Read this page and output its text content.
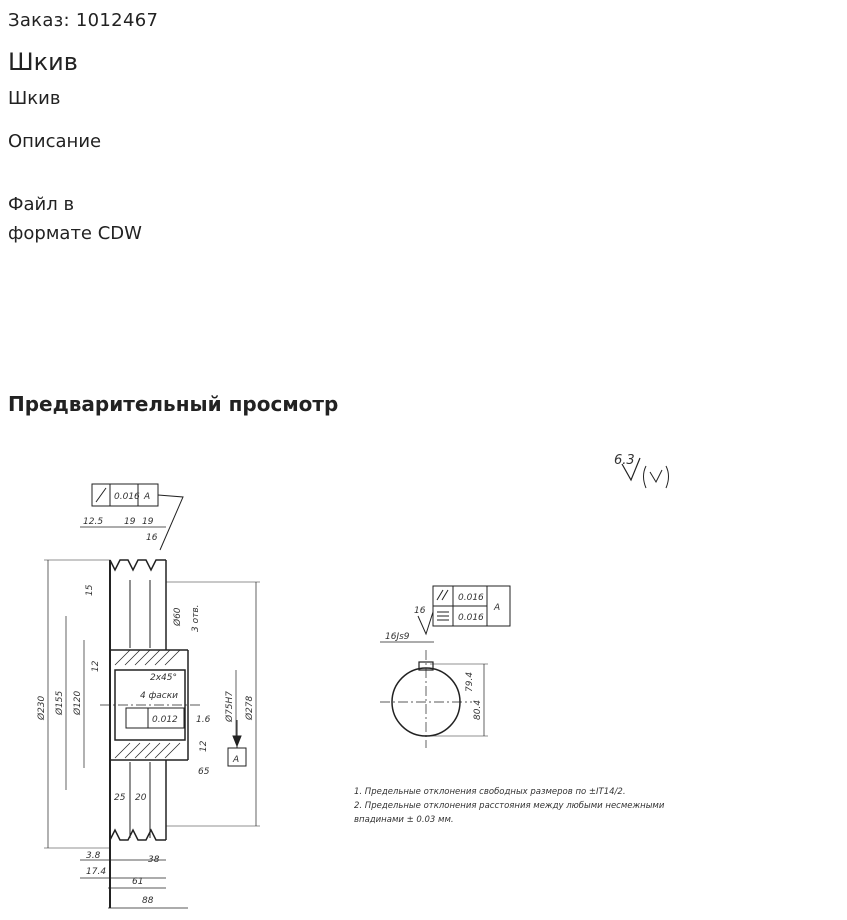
Заказ: 1012467
Шкив
Шкив
Описание
Файл в
формате CDW
Предварительный просмотр
6.3
0.016 A
12.5 19 19
16
15
Ø60 3 отв.
Ø230 Ø155 Ø120
12
2х45°
4 фаски
0.012	Ø75H7 Ø278
1.6
12
65
A
25 20
3.8	38
17.4
61
88
16
16Js9
0.016
0.016
A
79.4
80.4
1. Предельные отклонения свободных размеров по ±IT14/2.
2. Предельные отклонения расстояния между любыми несмежными
впадинами ± 0.03 мм.
